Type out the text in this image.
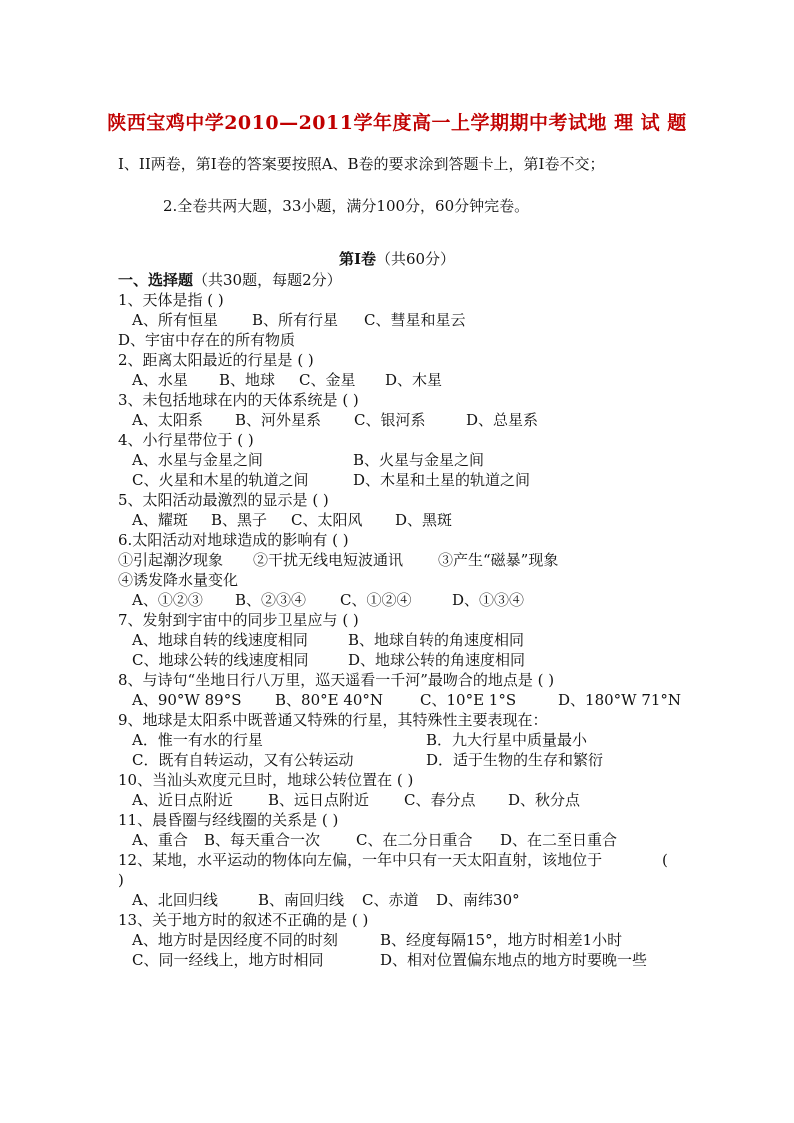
陕西宝鸡中学2010—2011学年度高一上学期期中考试地 理 试 题
I、II两卷，第I卷的答案要按照A、B卷的要求涂到答题卡上，第I卷不交；
2.全卷共两大题，33小题，满分100分，60分钟完卷。
第I卷（共60分）
一、选择题（共30题，每题2分）
1、天体是指 ( )
A、所有恒星 B、所有行星 C、彗星和星云
D、宇宙中存在的所有物质
2、距离太阳最近的行星是 ( )
A、水星 B、地球 C、金星 D、木星
3、未包括地球在内的天体系统是 ( )
A、太阳系 B、河外星系 C、银河系	D、总星系
4、小行星带位于 ( )
A、水星与金星之间	B、火星与金星之间
C、火星和木星的轨道之间	D、木星和土星的轨道之间
5、太阳活动最激烈的显示是 ( )
A、耀斑 B、黑子 C、太阳风 D、黑斑
6.太阳活动对地球造成的影响有 ( )
①引起潮汐现象 ②干扰无线电短波通讯 ③产生“磁暴”现象
④诱发降水量变化
A、①②③ B、②③④ C、①②④	D、①③④
7、发射到宇宙中的同步卫星应与 ( )
A、地球自转的线速度相同	B、地球自转的角速度相同
C、地球公转的线速度相同	D、地球公转的角速度相同
8、与诗句“坐地日行八万里，巡天遥看一千河”最吻合的地点是 ( )
A、90°W 89°S B、80°E 40°N C、10°E 1°S	D、180°W 71°N
9、地球是太阳系中既普通又特殊的行星，其特殊性主要表现在：
A．惟一有水的行星	B．九大行星中质量最小
C．既有自转运动，又有公转运动	D．适于生物的生存和繁衍
10、当汕头欢度元旦时，地球公转位置在 ( )
A、近日点附近 B、远日点附近 C、春分点 D、秋分点
11、晨昏圈与经线圈的关系是 ( )
A、重合 B、每天重合一次 C、在二分日重合 D、在二至日重合
12、某地，水平运动的物体向左偏，一年中只有一天太阳直射，该地位于	(
)
A、北回归线	B、南回归线 C、赤道 D、南纬30°
13、关于地方时的叙述不正确的是 ( )
A、地方时是因经度不同的时刻	B、经度每隔15°，地方时相差1小时
C、同一经线上，地方时相同	D、相对位置偏东地点的地方时要晚一些
